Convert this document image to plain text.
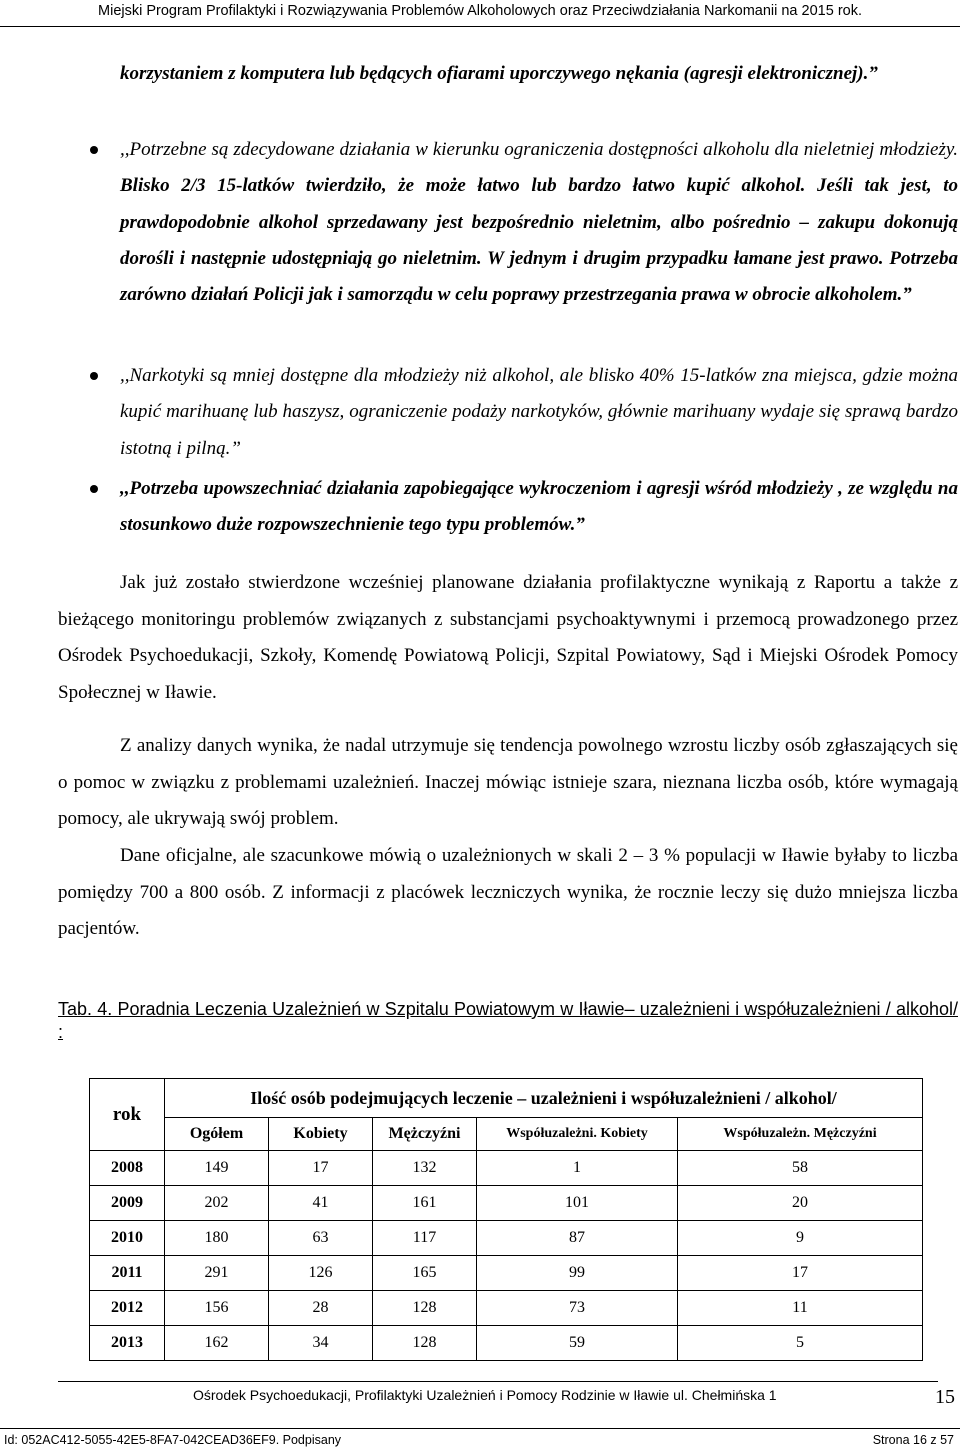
Miejski Program Profilaktyki i Rozwiązywania Problemów Alkoholowych oraz Przeciwdziałania Narkomanii na 2015 rok.
korzystaniem z komputera lub będących ofiarami uporczywego nękania (agresji elektronicznej).”
,,Potrzebne są zdecydowane działania w kierunku ograniczenia dostępności alkoholu dla nieletniej młodzieży. Blisko 2/3 15-latków twierdziło, że może łatwo lub bardzo łatwo kupić alkohol. Jeśli tak jest, to prawdopodobnie alkohol sprzedawany jest bezpośrednio nieletnim, albo pośrednio – zakupu dokonują dorośli i następnie udostępniają go nieletnim. W jednym i drugim przypadku łamane jest prawo. Potrzeba zarówno działań Policji jak i samorządu w celu poprawy przestrzegania prawa w obrocie alkoholem.”
,,Narkotyki są mniej dostępne dla młodzieży niż alkohol, ale blisko 40% 15-latków zna miejsca, gdzie można kupić marihuanę lub haszysz, ograniczenie podaży narkotyków, głównie marihuany wydaje się sprawą bardzo istotną i pilną.”
,,Potrzeba upowszechniać działania zapobiegające wykroczeniom i agresji wśród młodzieży , ze względu na stosunkowo duże rozpowszechnienie tego typu problemów.”

Jak już zostało stwierdzone wcześniej planowane działania profilaktyczne wynikają z Raportu a także z bieżącego monitoringu problemów związanych z substancjami psychoaktywnymi i przemocą prowadzonego przez Ośrodek Psychoedukacji, Szkoły, Komendę Powiatową Policji, Szpital Powiatowy, Sąd i Miejski Ośrodek Pomocy Społecznej w Iławie.

Z analizy danych wynika, że nadal utrzymuje się tendencja powolnego wzrostu liczby osób zgłaszających się o pomoc w związku z problemami uzależnień. Inaczej mówiąc istnieje szara, nieznana liczba osób, które wymagają pomocy, ale ukrywają swój problem.

Dane oficjalne, ale szacunkowe mówią o uzależnionych w skali 2 – 3 % populacji w Iławie byłaby to liczba pomiędzy 700 a 800 osób. Z informacji z placówek leczniczych wynika, że rocznie leczy się dużo mniejsza liczba pacjentów.

Tab. 4. Poradnia Leczenia Uzależnień w Szpitalu Powiatowym w Iławie– uzależnieni i współuzależnieni / alkohol/ :
rok	Ilość osób podejmujących leczenie – uzależnieni i współuzależnieni / alkohol/				
	Ogółem	Kobiety	Mężczyźni	Współuzależni. Kobiety	Współuzależn. Mężczyźni
2008	149	17	132	1	58
2009	202	41	161	101	20
2010	180	63	117	87	9
2011	291	126	165	99	17
2012	156	28	128	73	11
2013	162	34	128	59	5
Ośrodek Psychoedukacji, Profilaktyki Uzależnień i Pomocy Rodzinie w Iławie ul. Chełmińska 1	15
Id: 052AC412-5055-42E5-8FA7-042CEAD36EF9. Podpisany	Strona 16 z 57
